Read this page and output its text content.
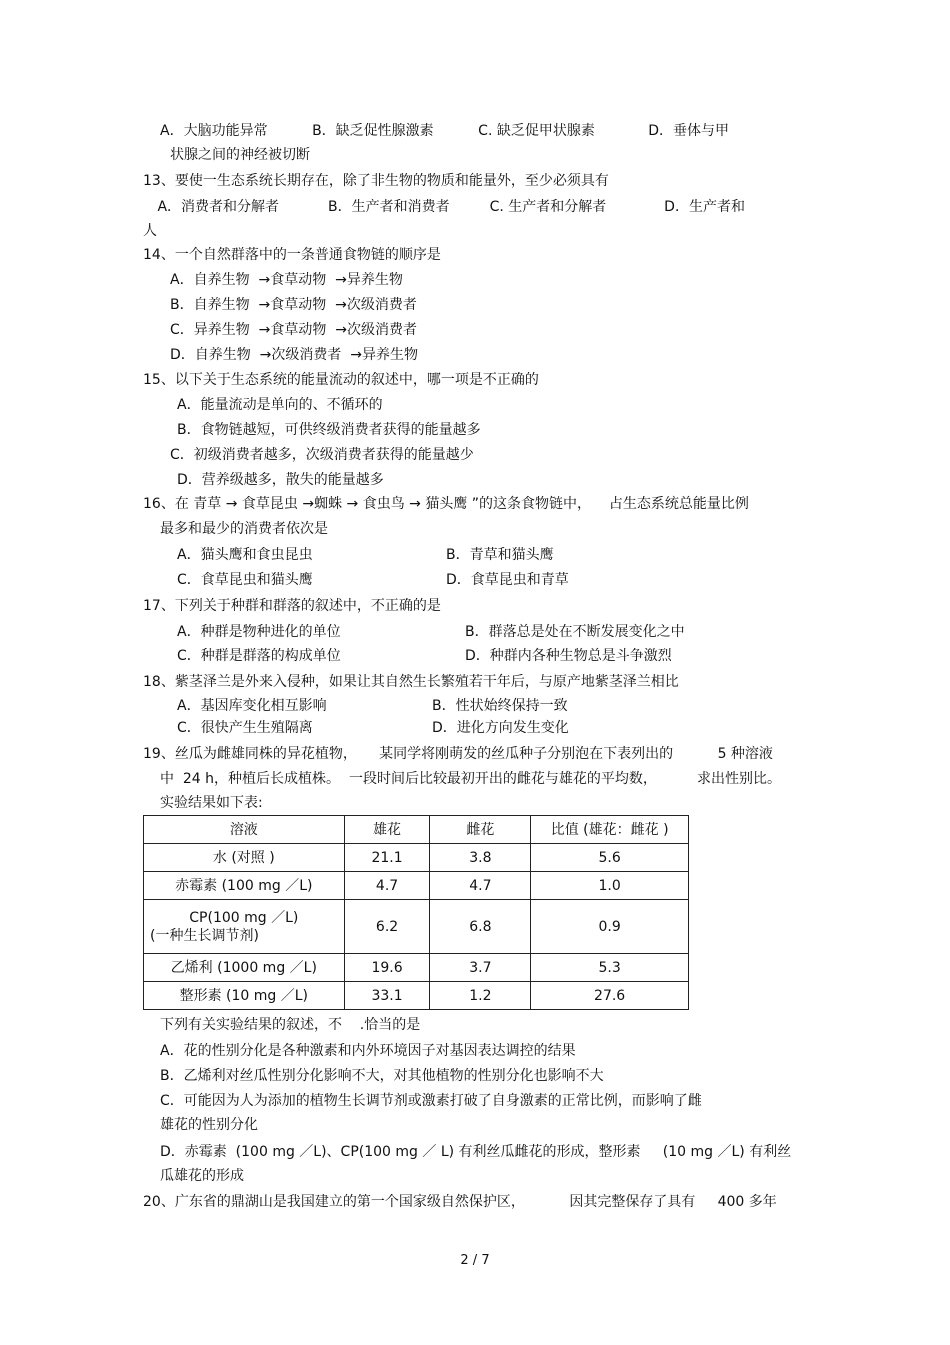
A．大脑功能异常          B．缺乏促性腺激素          C. 缺乏促甲状腺素            D．垂体与甲
状腺之间的神经被切断
13、要使一生态系统长期存在，除了非生物的物质和能量外，至少必须具有
A．消费者和分解者           B．生产者和消费者         C. 生产者和分解者             D．生产者和
人
14、一个自然群落中的一条普通食物链的顺序是
A．自养生物  →食草动物  →异养生物
B．自养生物  →食草动物  →次级消费者
C．异养生物  →食草动物  →次级消费者
D．自养生物  →次级消费者  →异养生物
15、以下关于生态系统的能量流动的叙述中，哪一项是不正确的
A．能量流动是单向的、不循环的
B．食物链越短，可供终级消费者获得的能量越多
C．初级消费者越多，次级消费者获得的能量越少
D．营养级越多，散失的能量越多
16、在 青草 → 食草昆虫 →蜘蛛 → 食虫鸟 → 猫头鹰 ”的这条食物链中，    占生态系统总能量比例
最多和最少的消费者依次是
A．猫头鹰和食虫昆虫	B．青草和猫头鹰
C．食草昆虫和猫头鹰	D．食草昆虫和青草
17、下列关于种群和群落的叙述中，不正确的是
A．种群是物种进化的单位	B．群落总是处在不断发展变化之中
C．种群是群落的构成单位	D．种群内各种生物总是斗争激烈
18、紫茎泽兰是外来入侵种，如果让其自然生长繁殖若干年后，与原产地紫茎泽兰相比
A．基因库变化相互影响	B．性状始终保持一致
C．很快产生生殖隔离	D．进化方向发生变化
19、丝瓜为雌雄同株的异花植物，     某同学将刚萌发的丝瓜种子分别泡在下表列出的          5 种溶液
中  24 h，种植后长成植株。  一段时间后比较最初开出的雌花与雄花的平均数，         求出性别比。
实验结果如下表:
溶液	雄花	雌花	比值 (雄花：雌花 )
水 (对照 )	21.1	3.8	5.6
赤霉素 (100 mg ／L)	4.7	4.7	1.0

CP(100 mg ／L)
(一种生长调节剂)	6.2	6.8	0.9
乙烯利 (1000 mg ／L)	19.6	3.7	5.3
整形素 (10 mg ／L)	33.1	1.2	27.6
下列有关实验结果的叙述，不    .恰当的是
A．花的性别分化是各种激素和内外环境因子对基因表达调控的结果
B．乙烯利对丝瓜性别分化影响不大，对其他植物的性别分化也影响不大
C．可能因为人为添加的植物生长调节剂或激素打破了自身激素的正常比例，而影响了雌
雄花的性别分化
D．赤霉素  (100 mg ／L)、CP(100 mg ／ L) 有利丝瓜雌花的形成，整形素     (10 mg ／L) 有利丝
瓜雄花的形成
20、广东省的鼎湖山是我国建立的第一个国家级自然保护区，          因其完整保存了具有     400 多年
2 / 7
